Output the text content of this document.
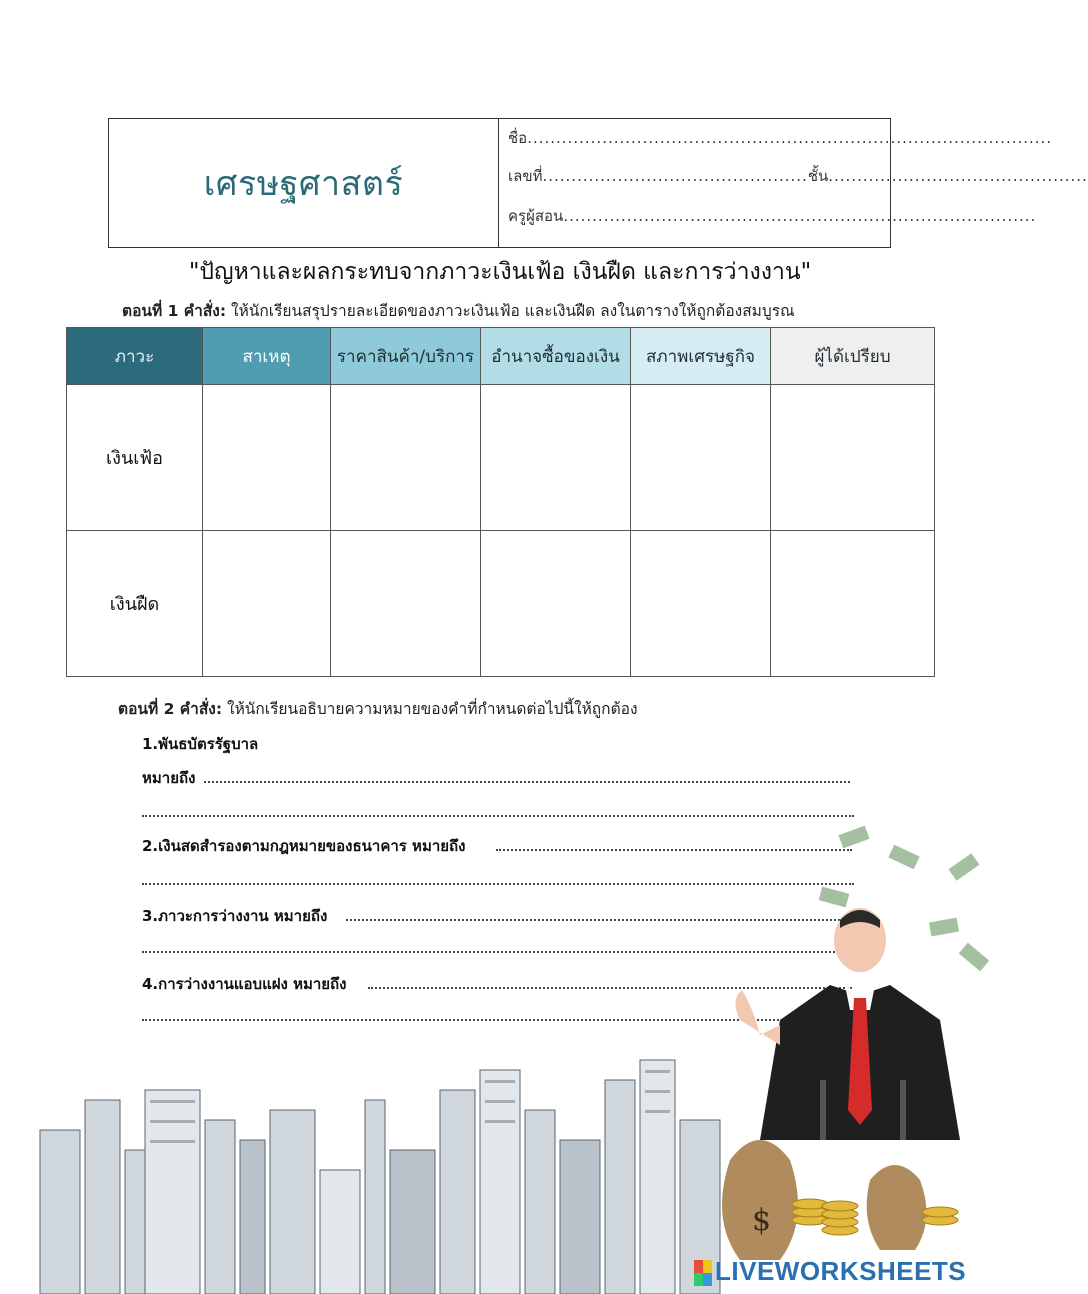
เศรษฐศาสตร์
ชื่อ...........................................................................................
เลขที่..............................................ชั้น.............................................
ครูผู้สอน..................................................................................
"ปัญหาและผลกระทบจากภาวะเงินเฟ้อ เงินฝืด และการว่างงาน"
ตอนที่ 1 คำสั่ง: ให้นักเรียนสรุปรายละเอียดของภาวะเงินเฟ้อ และเงินฝืด ลงในตารางให้ถูกต้องสมบูรณ
ภาวะ	สาเหตุ	ราคาสินค้า/บริการ	อำนาจซื้อของเงิน	สภาพเศรษฐกิจ	ผู้ได้เปรียบ
เงินเฟ้อ					
เงินฝืด					
ตอนที่ 2 คำสั่ง: ให้นักเรียนอธิบายความหมายของคำที่กำหนดต่อไปนี้ให้ถูกต้อง
1.พันธบัตรรัฐบาล
หมายถึง
2.เงินสดสำรองตามกฎหมายของธนาคาร หมายถึง
3.ภาวะการว่างงาน หมายถึง
4.การว่างงานแอบแฝง หมายถึง
$
LIVEWORKSHEETS
